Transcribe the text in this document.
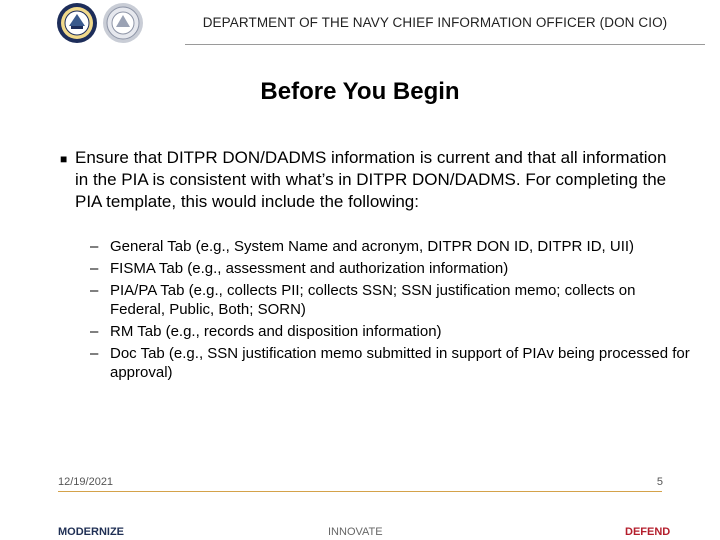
DEPARTMENT OF THE NAVY CHIEF INFORMATION OFFICER (DON CIO)
Before You Begin
■ Ensure that DITPR DON/DADMS information is current and that all information in the PIA is consistent with what’s in DITPR DON/DADMS. For completing the PIA template, this would include the following:
– General Tab (e.g., System Name and acronym, DITPR DON ID, DITPR ID, UII)
– FISMA Tab (e.g., assessment and authorization information)
– PIA/PA Tab (e.g., collects PII; collects SSN; SSN justification memo; collects on Federal, Public, Both; SORN)
– RM Tab (e.g., records and disposition information)
– Doc Tab (e.g., SSN justification memo submitted in support of PIAv being processed for approval)
12/19/2021	5
MODERNIZE	INNOVATE	DEFEND
